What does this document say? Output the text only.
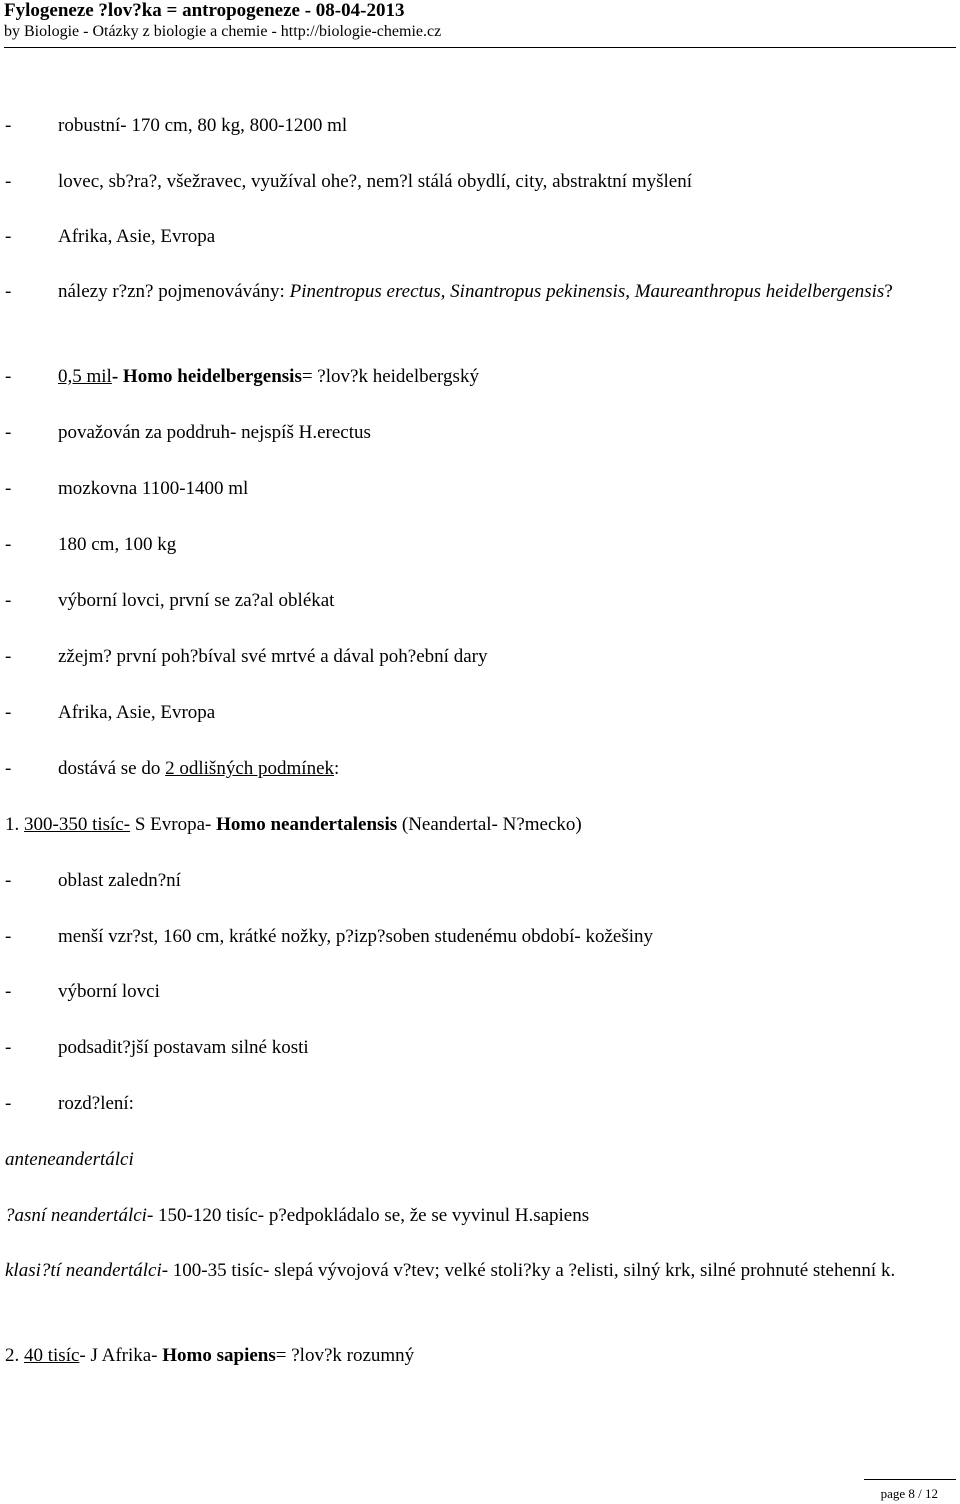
Fylogeneze ?lov?ka = antropogeneze - 08-04-2013
by Biologie - Otázky z biologie a chemie - http://biologie-chemie.cz
- robustní- 170 cm, 80 kg, 800-1200 ml
- lovec, sb?ra?, všežravec, využíval ohe?, nem?l stálá obydlí, city, abstraktní myšlení
- Afrika, Asie, Evropa
- nálezy r?zn? pojmenovávány: Pinentropus erectus, Sinantropus pekinensis, Maureanthropus heidelbergensis?
- 0,5 mil- Homo heidelbergensis= ?lov?k heidelbergský
- považován za poddruh- nejspíš H.erectus
- mozkovna 1100-1400 ml
- 180 cm, 100 kg
- výborní lovci, první se za?al oblékat
- zžejm? první poh?bíval své mrtvé a dával poh?ební dary
- Afrika, Asie, Evropa
- dostává se do 2 odlišných podmínek:
1. 300-350 tisíc- S Evropa- Homo neandertalensis (Neandertal- N?mecko)
- oblast zaledn?ní
- menší vzr?st, 160 cm, krátké nožky, p?izp?soben studenému období- kožešiny
- výborní lovci
- podsadit?jší postavam silné kosti
- rozd?lení:
anteneandertálci
?asní neandertálci- 150-120 tisíc- p?edpokládalo se, že se vyvinul H.sapiens
klasi?tí neandertálci- 100-35 tisíc- slepá vývojová v?tev; velké stoli?ky a ?elisti, silný krk, silné prohnuté stehenní k.
2. 40 tisíc- J Afrika- Homo sapiens= ?lov?k rozumný
page 8 / 12
